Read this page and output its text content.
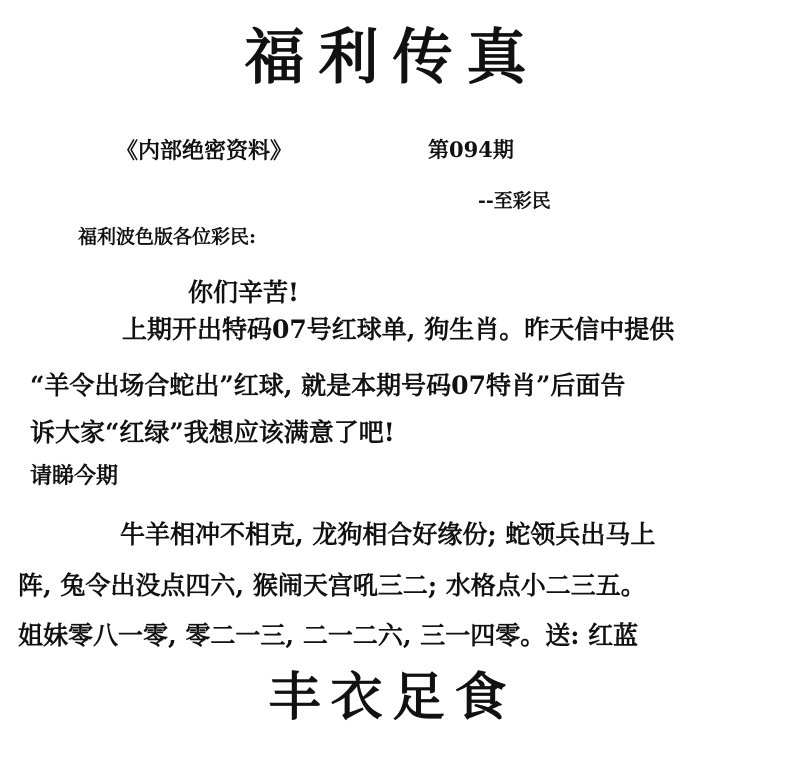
福利传真
《内部绝密资料》	第094期
--至彩民
福利波色版各位彩民:
你们辛苦!
上期开出特码07号红球单, 狗生肖。昨天信中提供
“羊令出场合蛇出”红球, 就是本期号码07特肖”后面告
诉大家“红绿”我想应该满意了吧!
请睇今期
牛羊相冲不相克, 龙狗相合好缘份; 蛇领兵出马上
阵, 兔令出没点四六, 猴闹天宫吼三二; 水格点小二三五。
姐妹零八一零, 零二一三, 二一二六, 三一四零。送: 红蓝
丰衣足食
